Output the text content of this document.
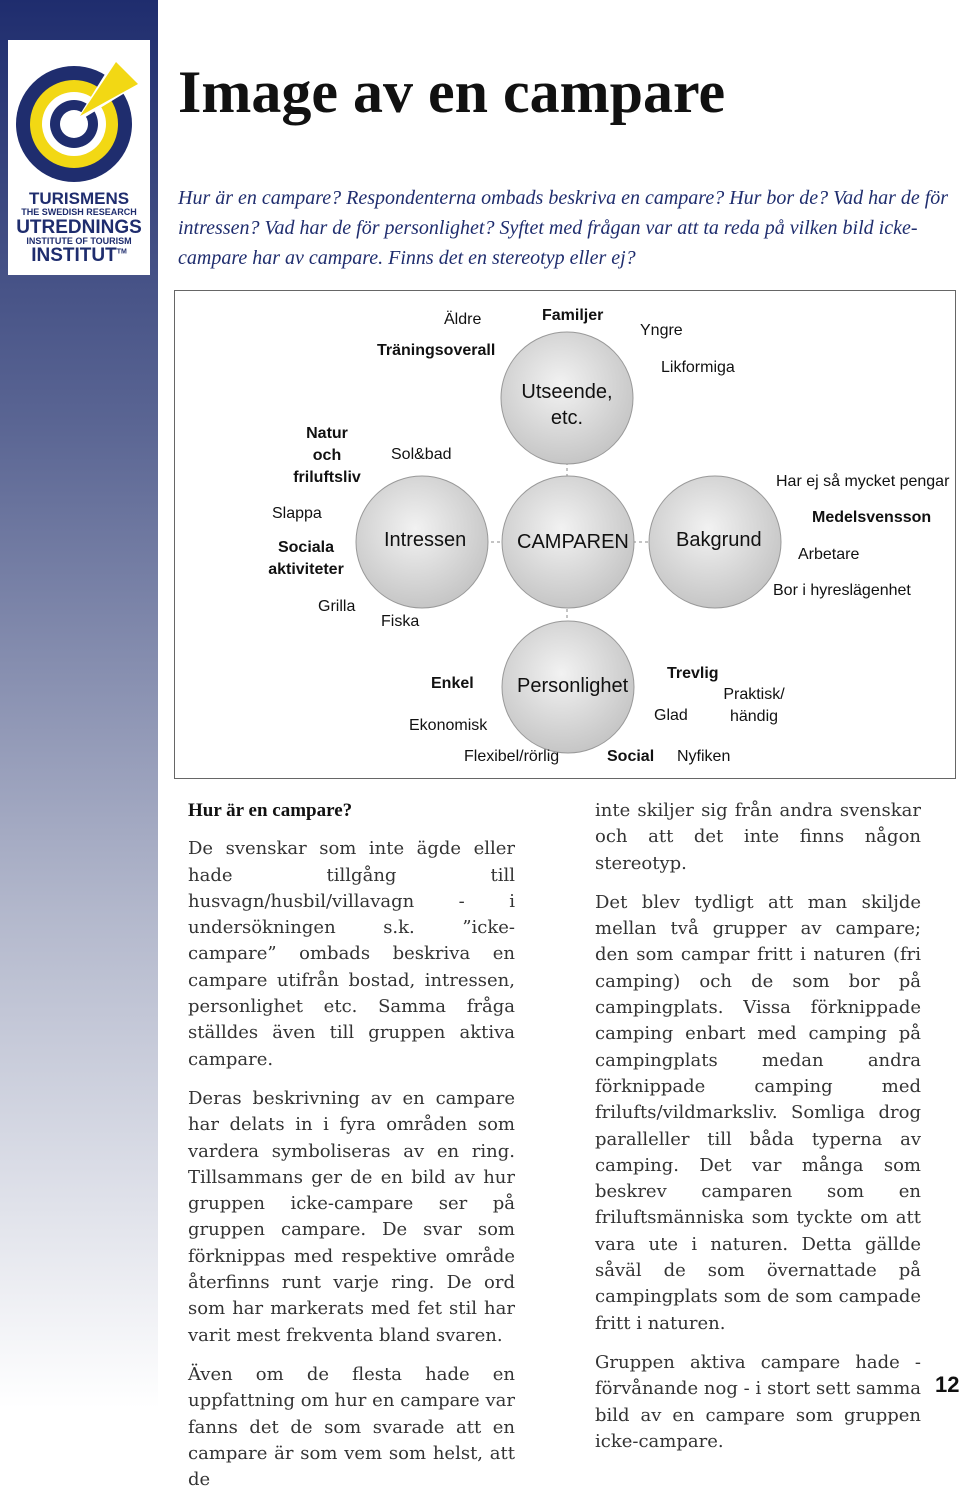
TURISMENS
THE SWEDISH RESEARCH
UTREDNINGS
INSTITUTE OF TOURISM
INSTITUT™
Image av en campare

Hur är en campare? Respondenterna ombads beskriva en campare? Hur bor de? Vad har de för intressen? Vad har de för personlighet? Syftet med frågan var att ta reda på vilken bild icke-campare har av campare. Finns det en stereotyp eller ej?

Utseende,
etc.
Intressen	CAMPAREN Bakgrund
Personlighet
Äldre	Familjer
Yngre
Träningsoverall
Likformiga
Natur
och
friluftsliv
Sol&bad
Har ej så mycket pengar
Slappa	Medelsvensson
Sociala
aktiviteter
Arbetare
Grilla
Bor i hyreslägenhet
Fiska
Enkel
Trevlig
Praktisk/
händig
Glad
Ekonomisk
Flexibel/rörlig	Social Nyfiken
Hur är en campare?

De svenskar som inte ägde eller hade tillgång till husvagn/husbil/villavagn - i undersökningen s.k. ”icke-campare” ombads beskriva en campare utifrån bostad, intressen, personlighet etc. Samma fråga ställdes även till gruppen aktiva campare.

Deras beskrivning av en campare har delats in i fyra områden som vardera symboliseras av en ring. Tillsammans ger de en bild av hur gruppen icke-campare ser på gruppen campare. De svar som förknippas med respektive område återfinns runt varje ring. De ord som har markerats med fet stil har varit mest frekventa bland svaren.

Även om de flesta hade en uppfattning om hur en campare var fanns det de som svarade att en campare är som vem som helst, att de

inte skiljer sig från andra svenskar och att det inte finns någon stereotyp.

Det blev tydligt att man skiljde mellan två grupper av campare; den som campar fritt i naturen (fri camping) och de som bor på campingplats. Vissa förknippade camping enbart med camping på campingplats medan andra förknippade camping med frilufts/vildmarksliv. Somliga drog paralleller till båda typerna av camping. Det var många som beskrev camparen som en friluftsmänniska som tyckte om att vara ute i naturen. Detta gällde såväl de som övernattade på campingplats som de som campade fritt i naturen.

Gruppen aktiva campare hade - förvånande nog - i stort sett samma bild av en campare som gruppen icke-campare.

12
